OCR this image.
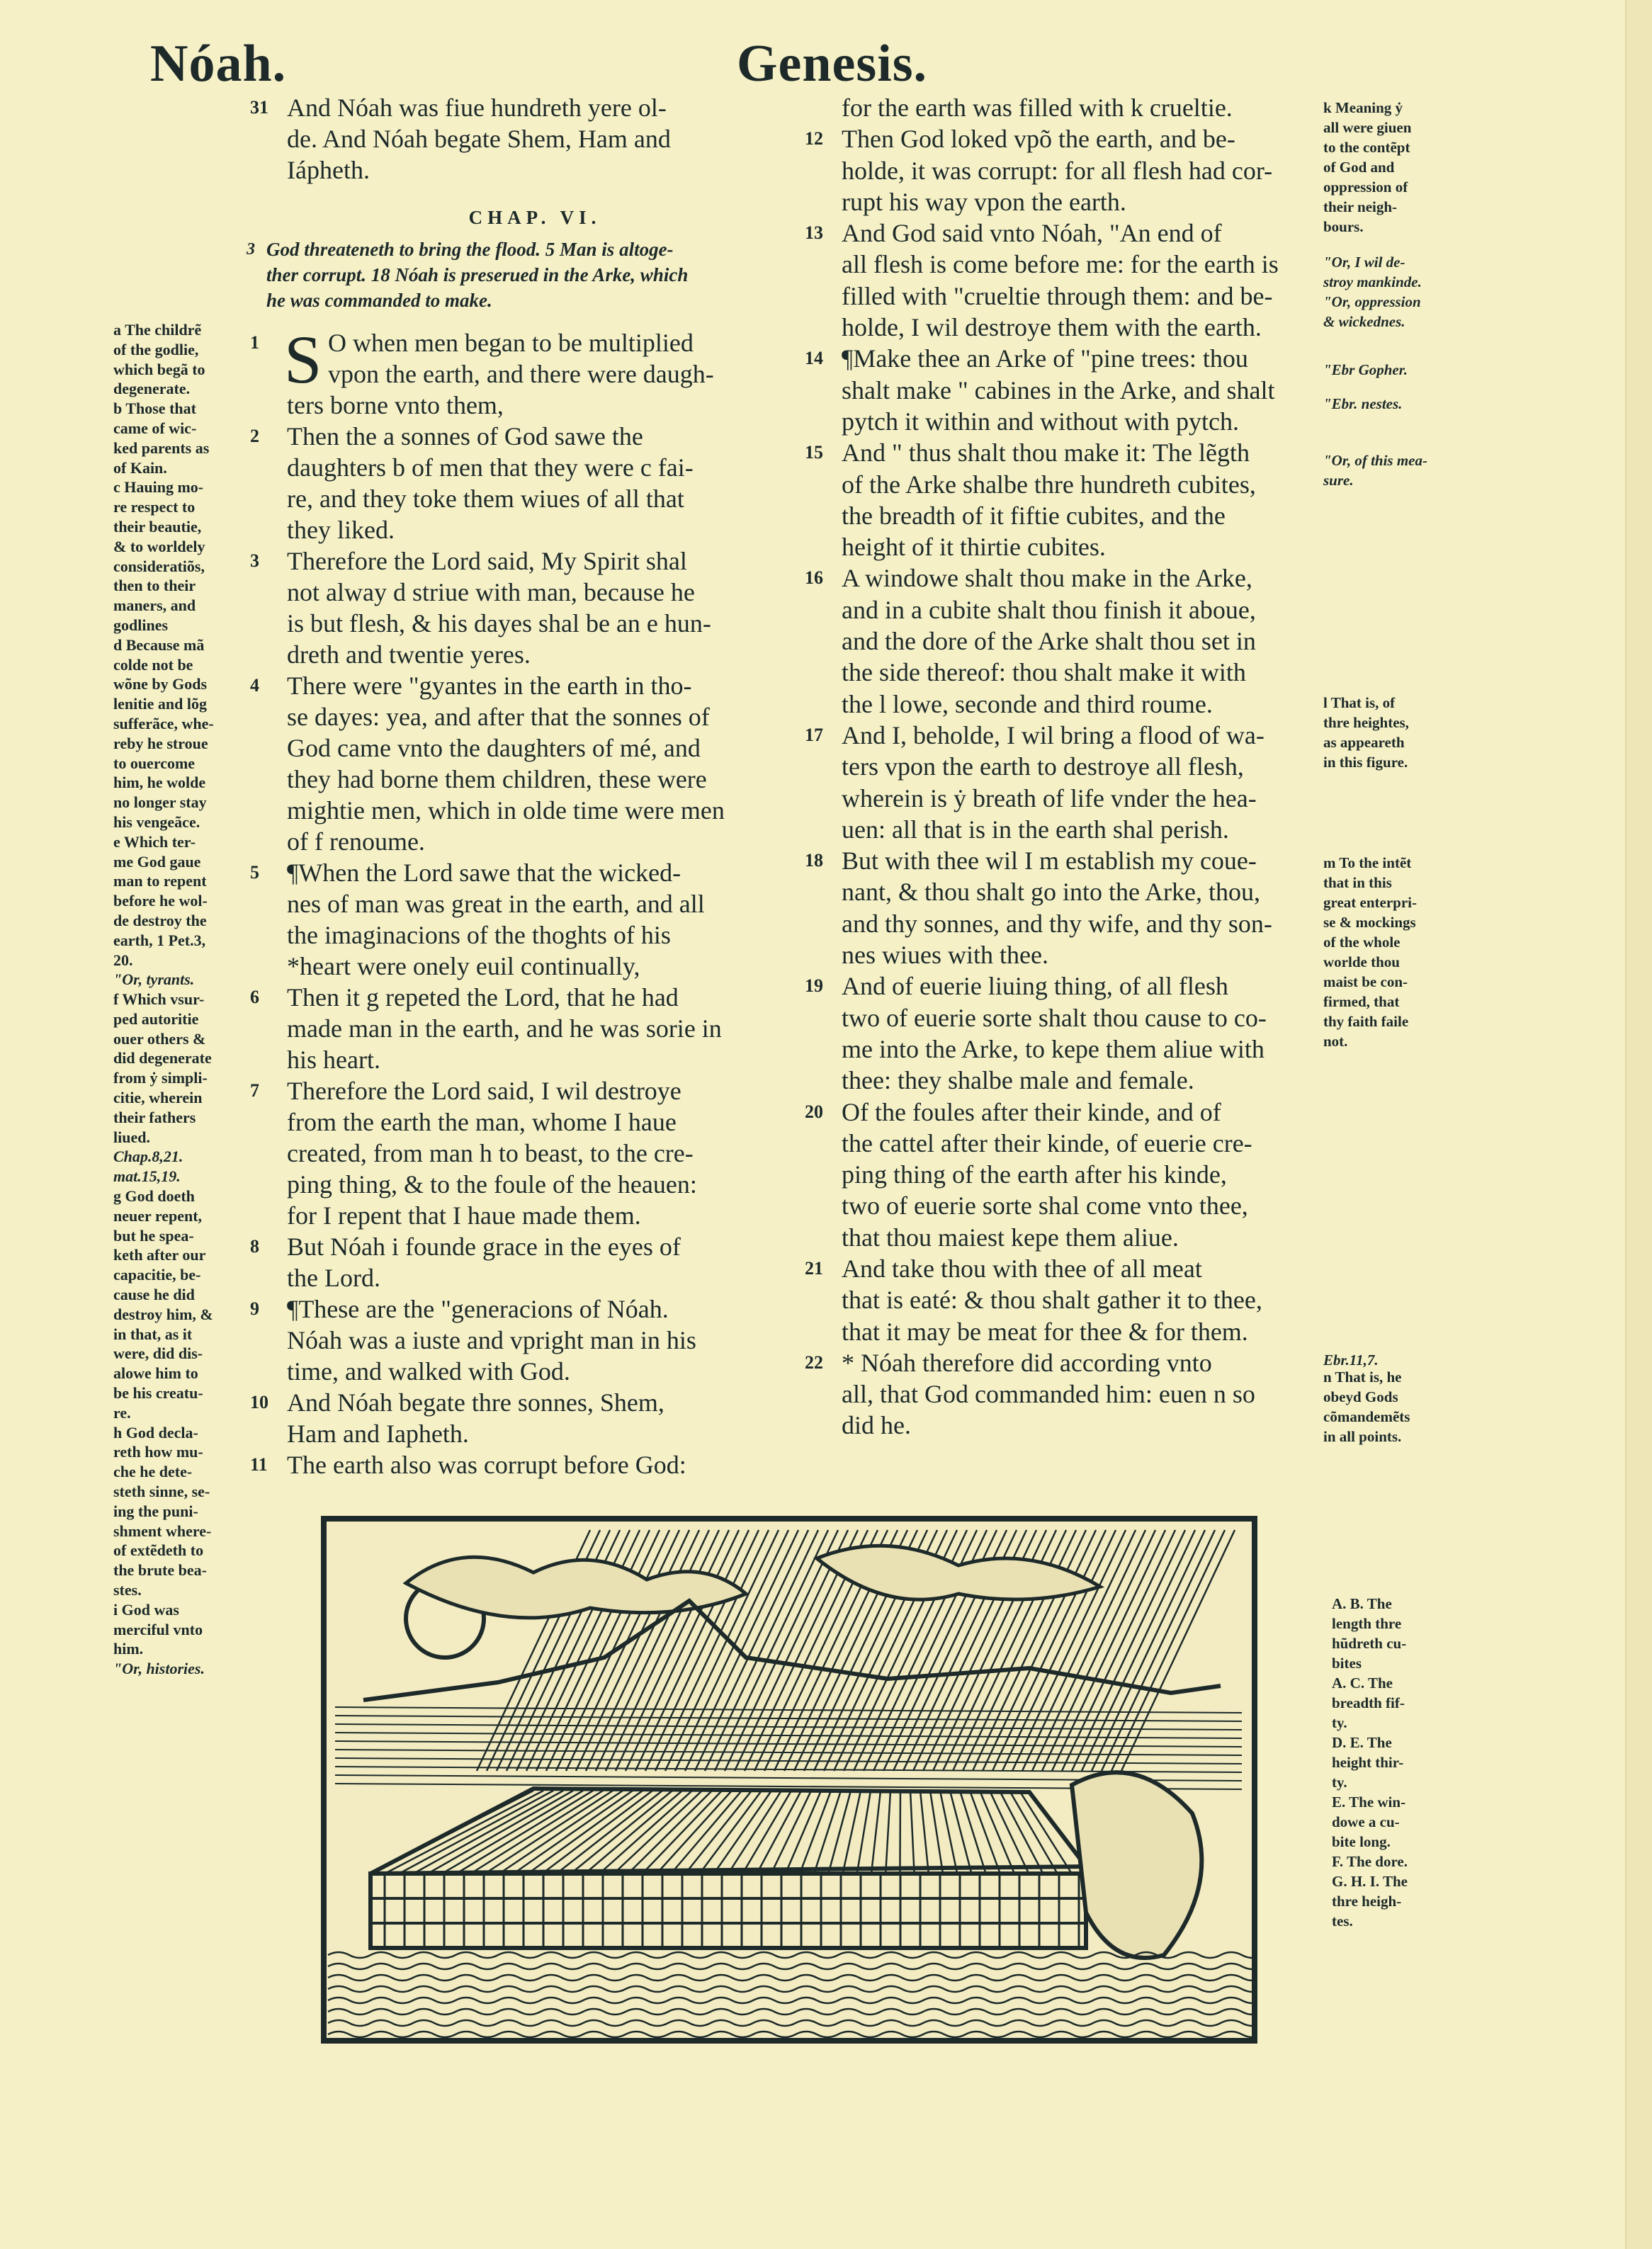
Nóah.	Genesis.
31 And Nóah was fiue hundreth yere ol-
de. And Nóah begate Shem, Ham and
Iápheth.
CHAP. VI.
3 God threateneth to bring the flood. 5 Man is altoge-
ther corrupt. 18 Nóah is preserued in the Arke, which
he was commanded to make.
1	O when men began to be multiplied
S vpon the earth, and there were daugh-
ters borne vnto them,
2 Then the a sonnes of God sawe the
daughters b of men that they were c fai-
re, and they toke them wiues of all that
they liked.
3 Therefore the Lord said, My Spirit shal
not alway d striue with man, because he
is but flesh, & his dayes shal be an e hun-
dreth and twentie yeres.
4 There were "gyantes in the earth in tho-
se dayes: yea, and after that the sonnes of
God came vnto the daughters of mé, and
they had borne them children, these were
mightie men, which in olde time were men
of f renoume.
5 ¶When the Lord sawe that the wicked-
nes of man was great in the earth, and all
the imaginacions of the thoghts of his
*heart were onely euil continually,
6 Then it g repeted the Lord, that he had
made man in the earth, and he was sorie in
his heart.
7 Therefore the Lord said, I wil destroye
from the earth the man, whome I haue
created, from man h to beast, to the cre-
ping thing, & to the foule of the heauen:
for I repent that I haue made them.
8 But Nóah i founde grace in the eyes of
the Lord.
9 ¶These are the "generacions of Nóah.
Nóah was a iuste and vpright man in his
time, and walked with God.
10 And Nóah begate thre sonnes, Shem,
Ham and Iapheth.
11 The earth also was corrupt before God:
for the earth was filled with k crueltie.
12 Then God loked vpõ the earth, and be-
holde, it was corrupt: for all flesh had cor-
rupt his way vpon the earth.
13 And God said vnto Nóah, "An end of
all flesh is come before me: for the earth is
filled with "crueltie through them: and be-
holde, I wil destroye them with the earth.
14 ¶Make thee an Arke of "pine trees: thou
shalt make " cabines in the Arke, and shalt
pytch it within and without with pytch.
15 And " thus shalt thou make it: The lẽgth
of the Arke shalbe thre hundreth cubites,
the breadth of it fiftie cubites, and the
height of it thirtie cubites.
16 A windowe shalt thou make in the Arke,
and in a cubite shalt thou finish it aboue,
and the dore of the Arke shalt thou set in
the side thereof: thou shalt make it with
the l lowe, seconde and third roume.
17 And I, beholde, I wil bring a flood of wa-
ters vpon the earth to destroye all flesh,
wherein is ẏ breath of life vnder the hea-
uen: all that is in the earth shal perish.
18 But with thee wil I m establish my coue-
nant, & thou shalt go into the Arke, thou,
and thy sonnes, and thy wife, and thy son-
nes wiues with thee.
19 And of euerie liuing thing, of all flesh
two of euerie sorte shalt thou cause to co-
me into the Arke, to kepe them aliue with
thee: they shalbe male and female.
20 Of the foules after their kinde, and of
the cattel after their kinde, of euerie cre-
ping thing of the earth after his kinde,
two of euerie sorte shal come vnto thee,
that thou maiest kepe them aliue.
21 And take thou with thee of all meat
that is eaté: & thou shalt gather it to thee,
that it may be meat for thee & for them.
22 * Nóah therefore did according vnto
all, that God commanded him: euen n so
did he.
a The childrẽ
of the godlie,
which begã to
degenerate.
b Those that
came of wic-
ked parents as
of Kain.
c Hauing mo-
re respect to
their beautie,
& to worldely
consideratiõs,
then to their
maners, and
godlines
d Because mã
colde not be
wõne by Gods
lenitie and lõg
sufferãce, whe-
reby he stroue
to ouercome
him, he wolde
no longer stay
his vengeãce.
e Which ter-
me God gaue
man to repent
before he wol-
de destroy the
earth, 1 Pet.3,
20.
"Or, tyrants.
f Which vsur-
ped autoritie
ouer others &
did degenerate
from ẏ simpli-
citie, wherein
their fathers
liued.
Chap.8,21.
mat.15,19.
g God doeth
neuer repent,
but he spea-
keth after our
capacitie, be-
cause he did
destroy him, &
in that, as it
were, did dis-
alowe him to
be his creatu-
re.
h God decla-
reth how mu-
che he dete-
steth sinne, se-
ing the puni-
shment where-
of extẽdeth to
the brute bea-
stes.
i God was
merciful vnto
him.
"Or, histories.
k Meaning ẏ
all were giuen
to the contẽpt
of God and
oppression of
their neigh-
bours.
"Or, I wil de-
stroy mankinde.
"Or, oppression
& wickednes.
"Ebr Gopher.
"Ebr. nestes.
"Or, of this mea-
sure.
l That is, of
thre heightes,
as appeareth
in this figure.
m To the intẽt
that in this
great enterpri-
se & mockings
of the whole
worlde thou
maist be con-
firmed, that
thy faith faile
not.
Ebr.11,7.
n That is, he
obeyd Gods
cõmandemẽts
in all points.
A. B. The
length thre
hũdreth cu-
bites
A. C. The
breadth fif-
ty.
D. E. The
height thir-
ty.
E. The win-
dowe a cu-
bite long.
F. The dore.
G. H. I. The
thre heigh-
tes.
